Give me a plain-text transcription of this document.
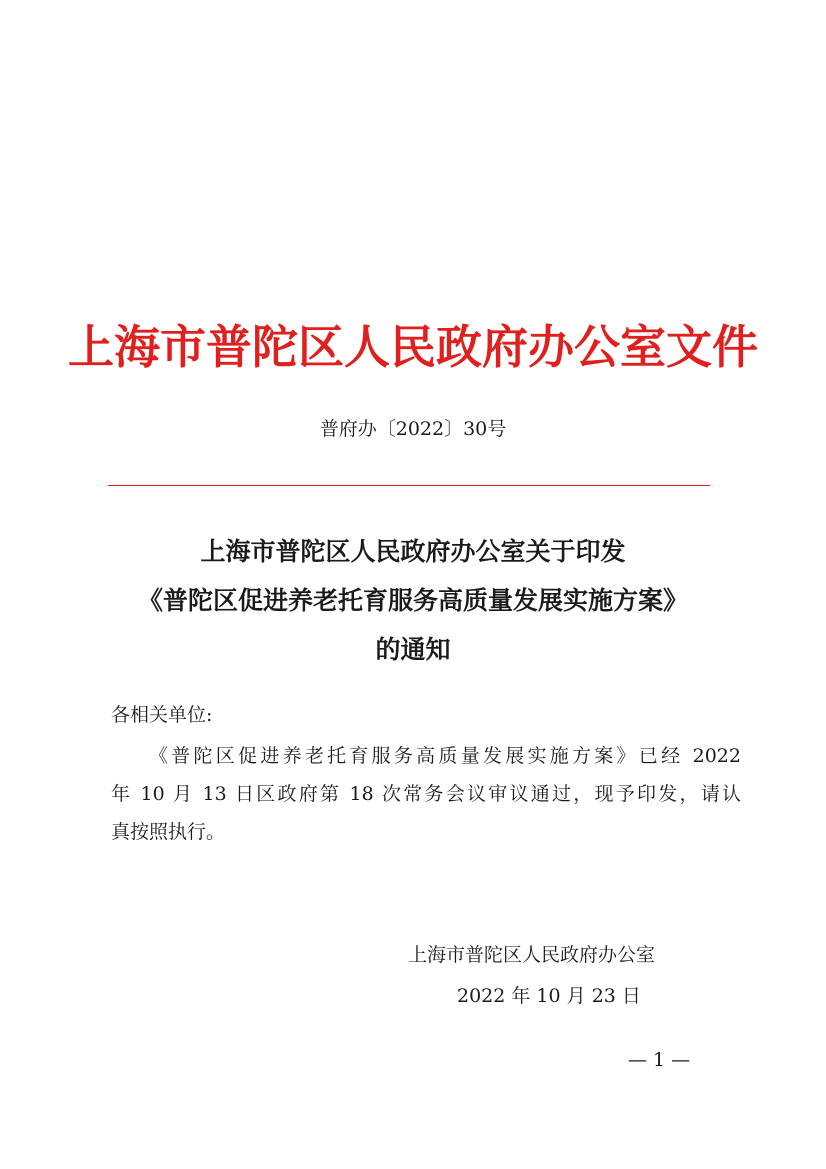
上海市普陀区人民政府办公室文件
普府办〔2022〕30号
上海市普陀区人民政府办公室关于印发
《普陀区促进养老托育服务高质量发展实施方案》
的通知
各相关单位:
《普陀区促进养老托育服务高质量发展实施方案》已经 2022
年 10 月 13 日区政府第 18 次常务会议审议通过，现予印发，请认
真按照执行。
上海市普陀区人民政府办公室
2022 年 10 月 23 日
— 1 —
